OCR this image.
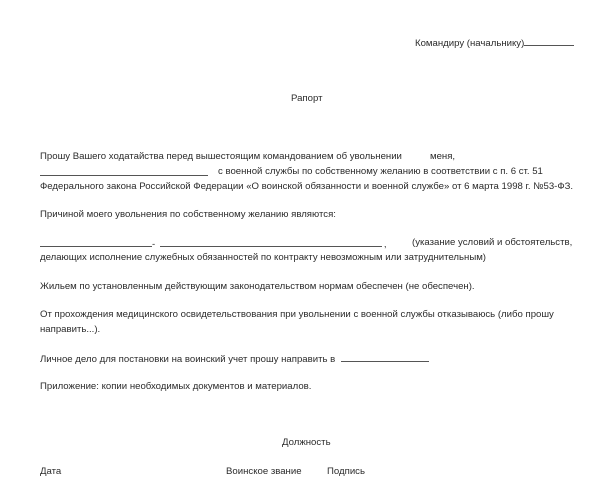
Командиру (начальнику)
Рапорт
Прошу Вашего ходатайства перед вышестоящим командованием об увольнении	меня,
с военной службы по собственному желанию в соответствии с п. 6 ст. 51
Федерального закона Российской Федерации «О воинской обязанности и военной службе» от 6 марта 1998 г. №53-ФЗ.
Причиной моего увольнения по собственному желанию являются:
-	,	(указание условий и обстоятельств,
делающих исполнение служебных обязанностей по контракту невозможным или затруднительным)
Жильем по установленным действующим законодательством нормам обеспечен (не обеспечен).
От прохождения медицинского освидетельствования при увольнении с военной службы отказываюсь (либо прошу
направить...).
Личное дело для постановки на воинский учет прошу направить в
Приложение: копии необходимых документов и материалов.
Должность
Дата	Воинское звание	Подпись
